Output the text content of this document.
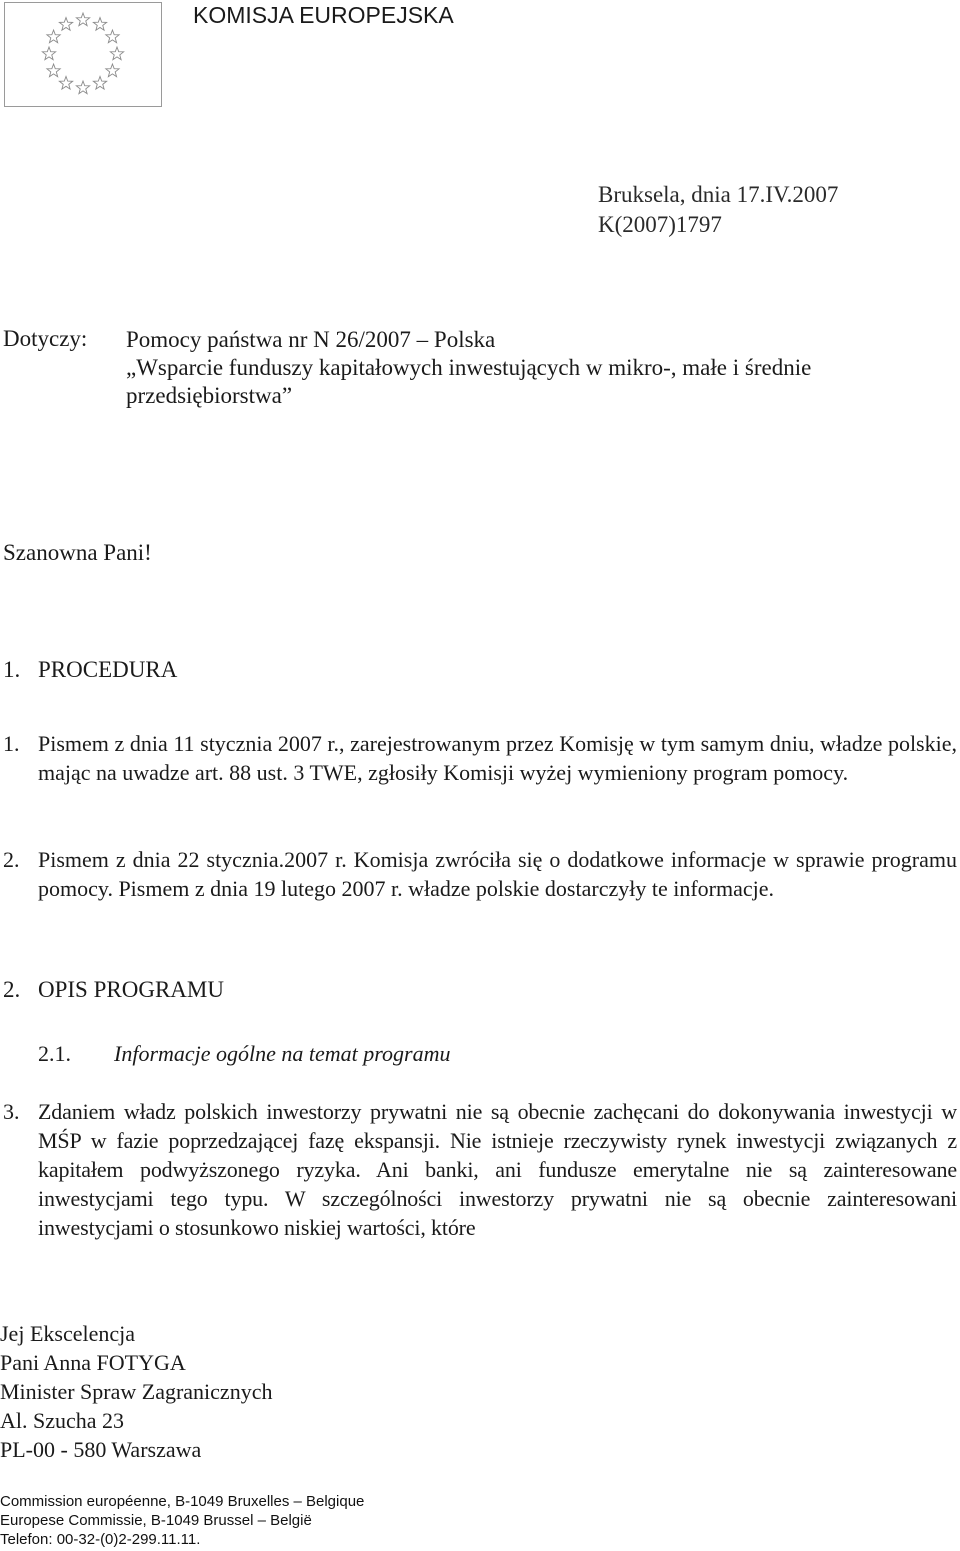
KOMISJA EUROPEJSKA
Bruksela, dnia 17.IV.2007
K(2007)1797
Dotyczy: Pomocy państwa nr N 26/2007 – Polska
„Wsparcie funduszy kapitałowych inwestujących w mikro-, małe i średnie
przedsiębiorstwa”
Szanowna Pani!
1. PROCEDURA
1. Pismem z dnia 11 stycznia 2007 r., zarejestrowanym przez Komisję w tym samym dniu, władze polskie, mając na uwadze art. 88 ust. 3 TWE, zgłosiły Komisji wyżej wymieniony program pomocy.
2. Pismem z dnia 22 stycznia.2007 r. Komisja zwróciła się o dodatkowe informacje w sprawie programu pomocy. Pismem z dnia 19 lutego 2007 r. władze polskie dostarczyły te informacje.
2. OPIS PROGRAMU
2.1. Informacje ogólne na temat programu
3. Zdaniem władz polskich inwestorzy prywatni nie są obecnie zachęcani do dokonywania inwestycji w MŚP w fazie poprzedzającej fazę ekspansji. Nie istnieje rzeczywisty rynek inwestycji związanych z kapitałem podwyższonego ryzyka. Ani banki, ani fundusze emerytalne nie są zainteresowane inwestycjami tego typu. W szczególności inwestorzy prywatni nie są obecnie zainteresowani inwestycjami o stosunkowo niskiej wartości, które
Jej Ekscelencja
Pani Anna FOTYGA
Minister Spraw Zagranicznych
Al. Szucha 23
PL-00 - 580 Warszawa
Commission européenne, B-1049 Bruxelles – Belgique
Europese Commissie, B-1049 Brussel – België
Telefon: 00-32-(0)2-299.11.11.
